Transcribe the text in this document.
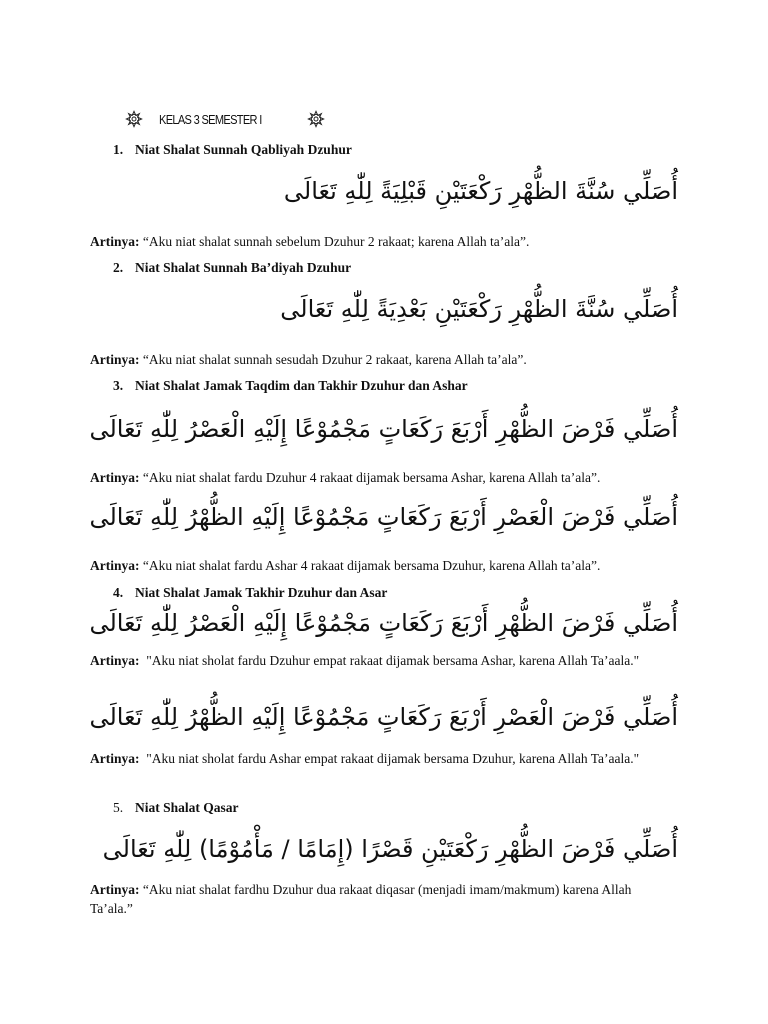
KELAS 3 SEMESTER I
1. Niat Shalat Sunnah Qabliyah Dzuhur
أُصَلِّي سُنَّةَ الظُّهْرِ رَكْعَتَيْنِ قَبْلِيَةً لِلّٰهِ تَعَالَى
Artinya: “Aku niat shalat sunnah sebelum Dzuhur 2 rakaat; karena Allah ta’ala”.
2. Niat Shalat Sunnah Ba’diyah Dzuhur
أُصَلِّي سُنَّةَ الظُّهْرِ رَكْعَتَيْنِ بَعْدِيَةً لِلّٰهِ تَعَالَى
Artinya: “Aku niat shalat sunnah sesudah Dzuhur 2 rakaat, karena Allah ta’ala”.
3. Niat Shalat Jamak Taqdim dan Takhir Dzuhur dan Ashar
أُصَلِّي فَرْضَ الظُّهْرِ أَرْبَعَ رَكَعَاتٍ مَجْمُوْعًا إِلَيْهِ الْعَصْرُ لِلّٰهِ تَعَالَى
Artinya: “Aku niat shalat fardu Dzuhur 4 rakaat dijamak bersama Ashar, karena Allah ta’ala”.
أُصَلِّي فَرْضَ الْعَصْرِ أَرْبَعَ رَكَعَاتٍ مَجْمُوْعًا إِلَيْهِ الظُّهْرُ لِلّٰهِ تَعَالَى
Artinya: “Aku niat shalat fardu Ashar 4 rakaat dijamak bersama Dzuhur, karena Allah ta’ala”.
4. Niat Shalat Jamak Takhir Dzuhur dan Asar
أُصَلِّي فَرْضَ الظُّهْرِ أَرْبَعَ رَكَعَاتٍ مَجْمُوْعًا إِلَيْهِ الْعَصْرُ لِلّٰهِ تَعَالَى
Artinya: "Aku niat sholat fardu Dzuhur empat rakaat dijamak bersama Ashar, karena Allah Ta’aala."
أُصَلِّي فَرْضَ الْعَصْرِ أَرْبَعَ رَكَعَاتٍ مَجْمُوْعًا إِلَيْهِ الظُّهْرُ لِلّٰهِ تَعَالَى
Artinya: "Aku niat sholat fardu Ashar empat rakaat dijamak bersama Dzuhur, karena Allah Ta’aala."
5. Niat Shalat Qasar
أُصَلِّي فَرْضَ الظُّهْرِ رَكْعَتَيْنِ قَصْرًا (إِمَامًا / مَأْمُوْمًا) لِلّٰهِ تَعَالَى
Artinya: “Aku niat shalat fardhu Dzuhur dua rakaat diqasar (menjadi imam/makmum) karena Allah Ta’ala.”
